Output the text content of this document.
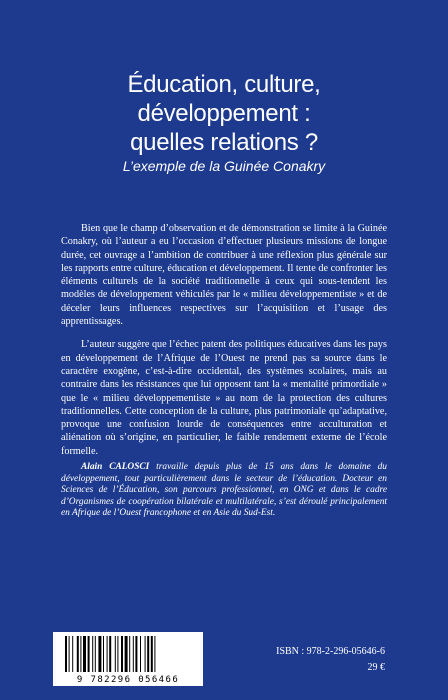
Éducation, culture,
développement :
quelles relations ?
L’exemple de la Guinée Conakry

Bien que le champ d’observation et de démonstration se limite à la Guinée Conakry, où l’auteur a eu l’occasion d’effectuer plusieurs missions de longue durée, cet ouvrage a l’ambition de contribuer à une réflexion plus générale sur les rapports entre culture, éducation et développement. Il tente de confronter les éléments culturels de la société traditionnelle à ceux qui sous-tendent les modèles de développement véhiculés par le « milieu développementiste » et de déceler leurs influences respectives sur l’acquisition et l’usage des apprentissages.

L’auteur suggère que l’échec patent des politiques éducatives dans les pays en développement de l’Afrique de l’Ouest ne prend pas sa source dans le caractère exogène, c’est-à-dire occidental, des systèmes scolaires, mais au contraire dans les résistances que lui opposent tant la « mentalité primordiale » que le « milieu développementiste » au nom de la protection des cultures traditionnelles. Cette conception de la culture, plus patrimoniale qu’adaptative, provoque une confusion lourde de conséquences entre acculturation et aliénation où s’origine, en particulier, le faible rendement externe de l’école formelle.

Alain CALOSCI travaille depuis plus de 15 ans dans le domaine du développement, tout particulièrement dans le secteur de l’éducation. Docteur en Sciences de l’Éducation, son parcours professionnel, en ONG et dans le cadre d’Organismes de coopération bilatérale et multilatérale, s’est déroulé principalement en Afrique de l’Ouest francophone et en Asie du Sud-Est.
9 782296 056466
ISBN : 978-2-296-05646-6
29 €
